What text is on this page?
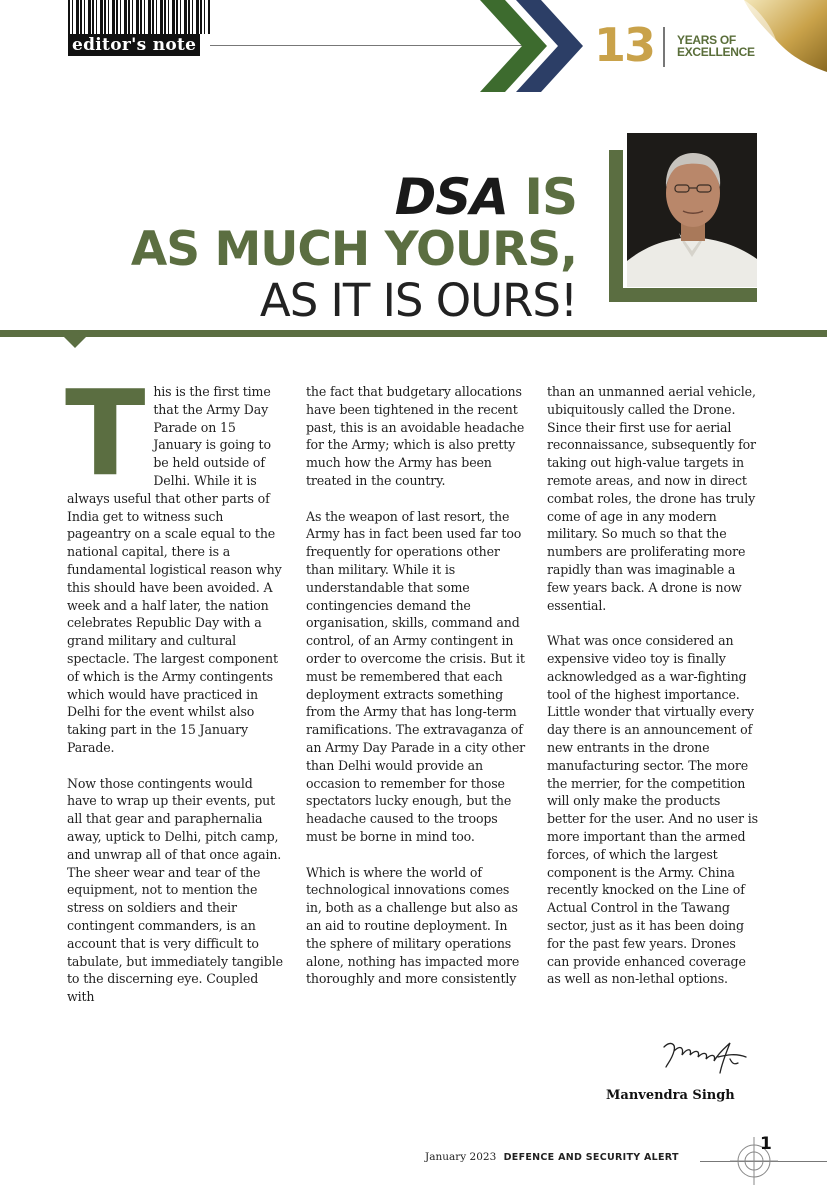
editor's note	13 YEARS OF
EXCELLENCE
DSA IS
AS MUCH YOURS,
AS IT IS OURS!
T his is the first time that the Army Day Parade on 15 January is going to be held outside of Delhi. While it is always useful that other parts of India get to witness such pageantry on a scale equal to the national capital, there is a fundamental logistical reason why this should have been avoided. A week and a half later, the nation celebrates Republic Day with a grand military and cultural spectacle. The largest component of which is the Army contingents which would have practiced in Delhi for the event whilst also taking part in the 15 January Parade.

Now those contingents would have to wrap up their events, put all that gear and paraphernalia away, uptick to Delhi, pitch camp, and unwrap all of that once again. The sheer wear and tear of the equipment, not to mention the stress on soldiers and their contingent commanders, is an account that is very difficult to tabulate, but immediately tangible to the discerning eye. Coupled with

the fact that budgetary allocations have been tightened in the recent past, this is an avoidable headache for the Army; which is also pretty much how the Army has been treated in the country.

As the weapon of last resort, the Army has in fact been used far too frequently for operations other than military. While it is understandable that some contingencies demand the organisation, skills, command and control, of an Army contingent in order to overcome the crisis. But it must be remembered that each deployment extracts something from the Army that has long-term ramifications. The extravaganza of an Army Day Parade in a city other than Delhi would provide an occasion to remember for those spectators lucky enough, but the headache caused to the troops must be borne in mind too.

Which is where the world of technological innovations comes in, both as a challenge but also as an aid to routine deployment. In the sphere of military operations alone, nothing has impacted more thoroughly and more consistently

than an unmanned aerial vehicle, ubiquitously called the Drone. Since their first use for aerial reconnaissance, subsequently for taking out high-value targets in remote areas, and now in direct combat roles, the drone has truly come of age in any modern military. So much so that the numbers are proliferating more rapidly than was imaginable a few years back. A drone is now essential.

What was once considered an expensive video toy is finally acknowledged as a war-fighting tool of the highest importance. Little wonder that virtually every day there is an announcement of new entrants in the drone manufacturing sector. The more the merrier, for the competition will only make the products better for the user. And no user is more important than the armed forces, of which the largest component is the Army. China recently knocked on the Line of Actual Control in the Tawang sector, just as it has been doing for the past few years. Drones can provide enhanced coverage as well as non-lethal options.

Manvendra Singh
January 2023 DEFENCE AND SECURITY ALERT
1
